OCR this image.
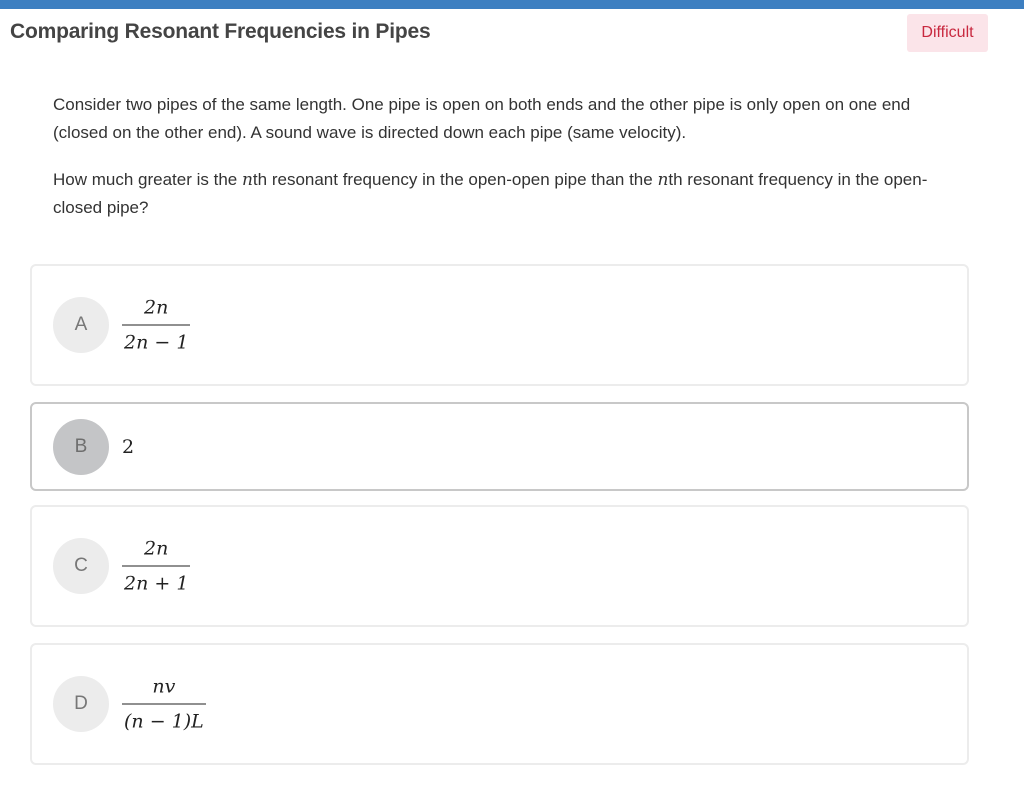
Comparing Resonant Frequencies in Pipes	Difficult

Consider two pipes of the same length. One pipe is open on both ends and the other pipe is only open on one end (closed on the other end). A sound wave is directed down each pipe (same velocity).

How much greater is the nth resonant frequency in the open-open pipe than the nth resonant frequency in the open-closed pipe?

A	$\frac{2n}{2n - 1}$
B	2
C	$\frac{2n}{2n + 1}$
D	$\frac{nv}{(n - 1)L}$
